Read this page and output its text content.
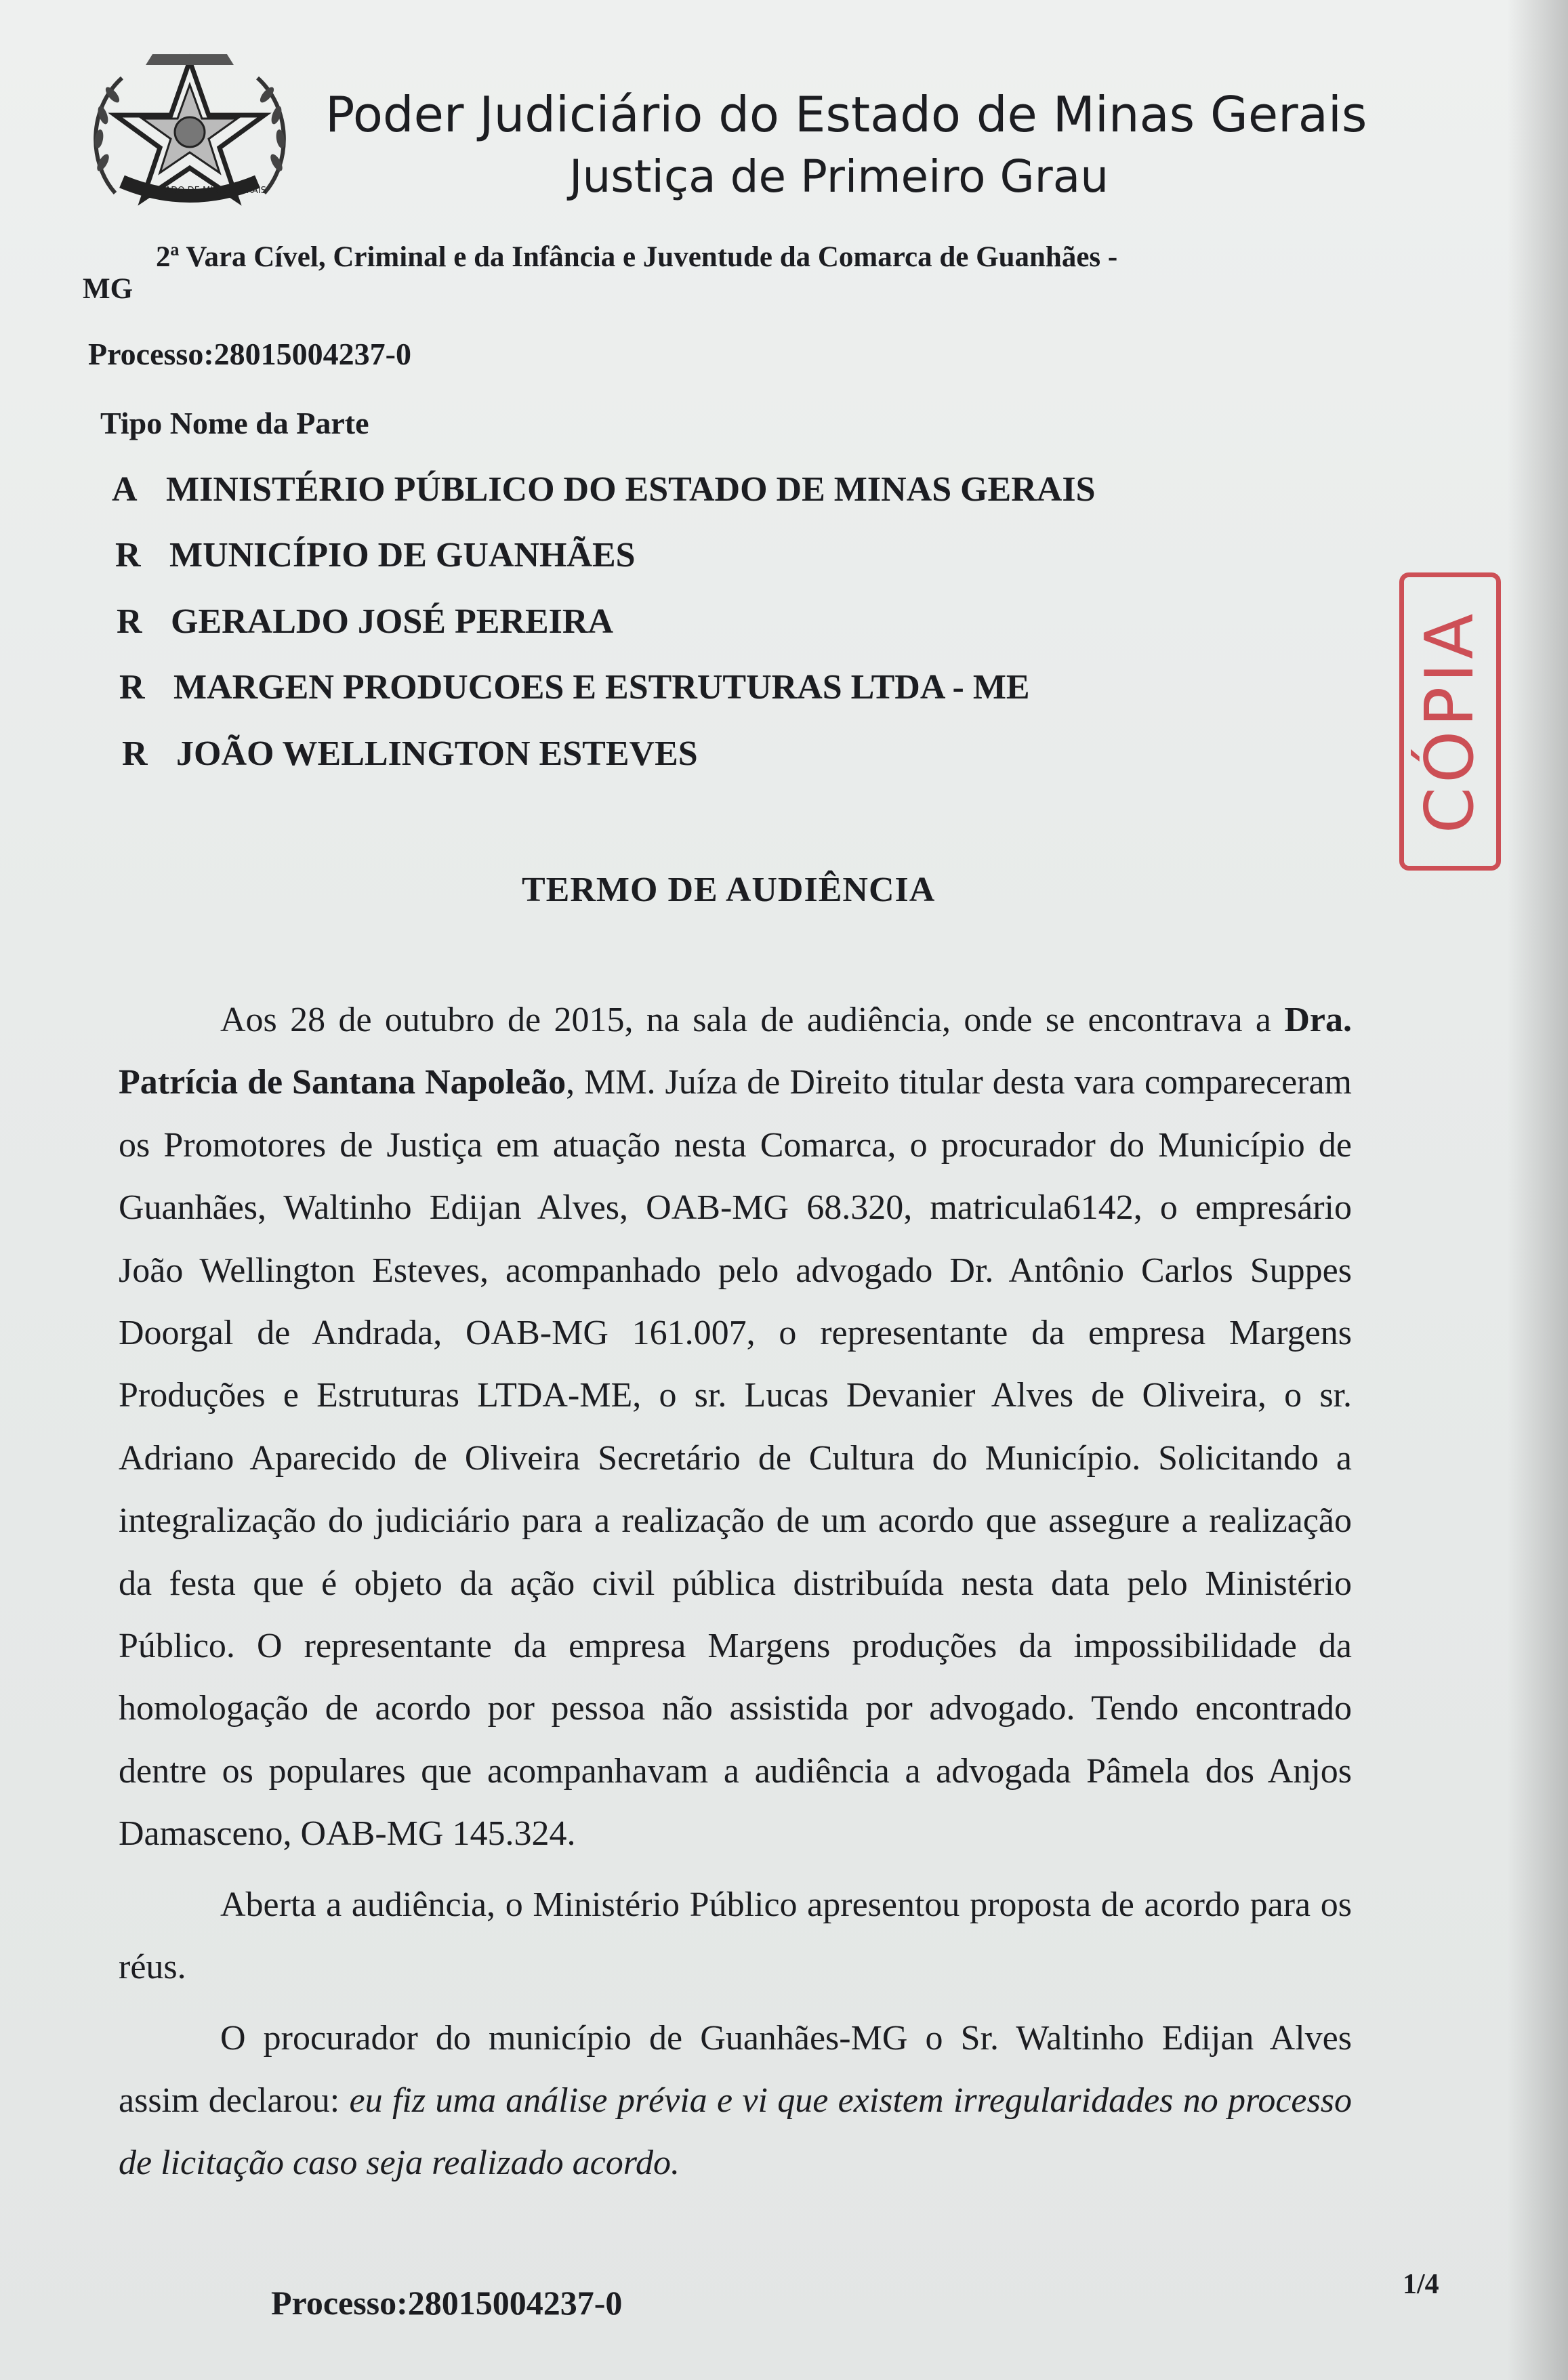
ESTADO DE MINAS GERAIS
Poder Judiciário do Estado de Minas Gerais
Justiça de Primeiro Grau
2ª Vara Cível, Criminal e da Infância e Juventude da Comarca de Guanhães -
MG
Processo:28015004237-0
Tipo Nome da Parte
A MINISTÉRIO PÚBLICO DO ESTADO DE MINAS GERAIS
R MUNICÍPIO DE GUANHÃES
R GERALDO JOSÉ PEREIRA
R MARGEN PRODUCOES E ESTRUTURAS LTDA - ME
R JOÃO WELLINGTON ESTEVES	CÓPIA
TERMO DE AUDIÊNCIA

Aos 28 de outubro de 2015, na sala de audiência, onde se encontrava a Dra. Patrícia de Santana Napoleão, MM. Juíza de Direito titular desta vara compareceram os Promotores de Justiça em atuação nesta Comarca, o procurador do Município de Guanhães, Waltinho Edijan Alves, OAB-MG 68.320, matricula6142, o empresário João Wellington Esteves, acompanhado pelo advogado Dr. Antônio Carlos Suppes Doorgal de Andrada, OAB-MG 161.007, o representante da empresa Margens Produções e Estruturas LTDA-ME, o sr. Lucas Devanier Alves de Oliveira, o sr. Adriano Aparecido de Oliveira Secretário de Cultura do Município. Solicitando a integralização do judiciário para a realização de um acordo que assegure a realização da festa que é objeto da ação civil pública distribuída nesta data pelo Ministério Público. O representante da empresa Margens produções da impossibilidade da homologação de acordo por pessoa não assistida por advogado. Tendo encontrado dentre os populares que acompanhavam a audiência a advogada Pâmela dos Anjos Damasceno, OAB-MG 145.324.

Aberta a audiência, o Ministério Público apresentou proposta de acordo para os réus.

O procurador do município de Guanhães-MG o Sr. Waltinho Edijan Alves assim declarou: eu fiz uma análise prévia e vi que existem irregularidades no processo de licitação caso seja realizado acordo.

Processo:28015004237-0	1/4
